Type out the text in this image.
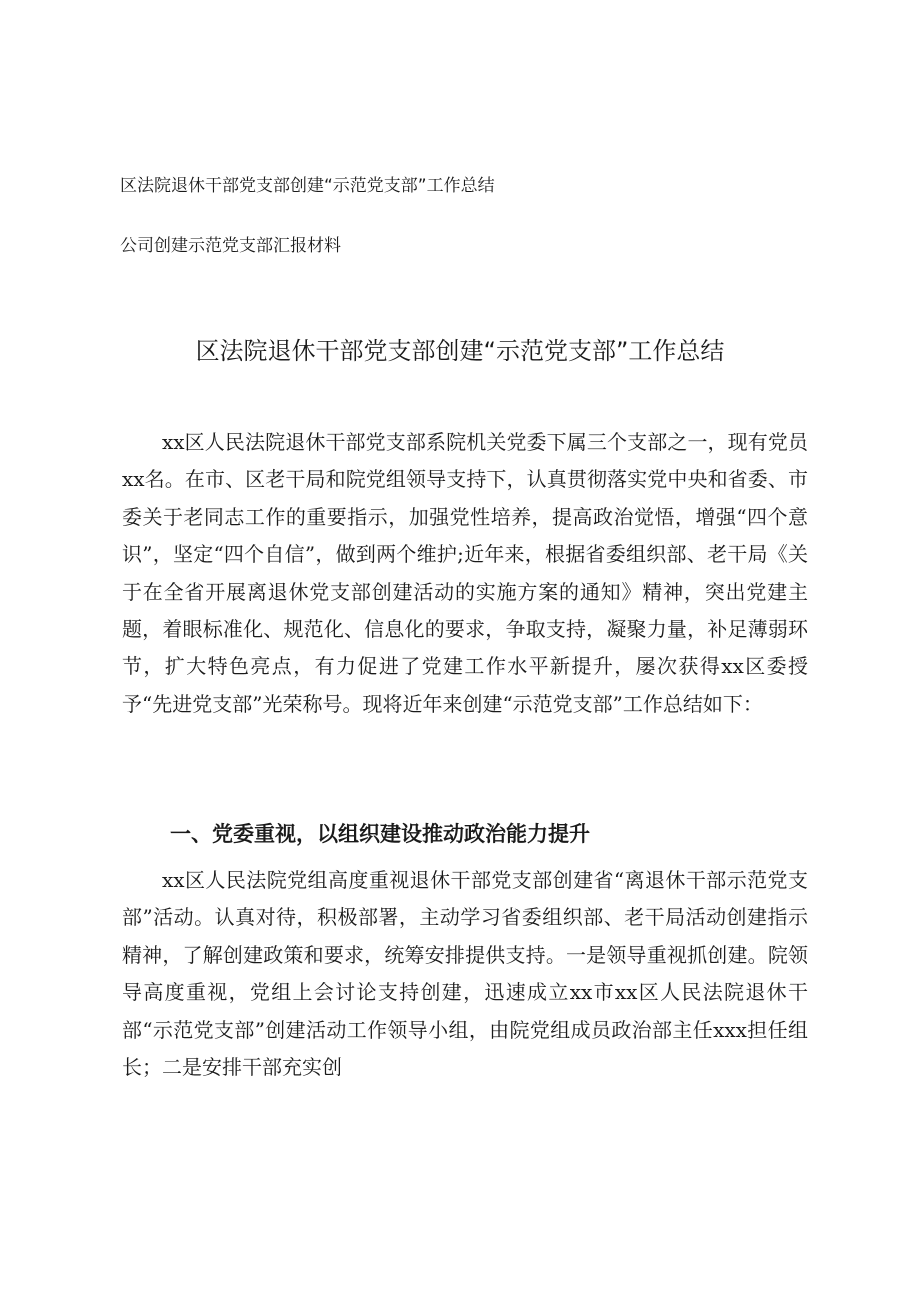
区法院退休干部党支部创建“示范党支部”工作总结
公司创建示范党支部汇报材料
区法院退休干部党支部创建“示范党支部”工作总结

xx区人民法院退休干部党支部系院机关党委下属三个支部之一，现有党员xx名。在市、区老干局和院党组领导支持下，认真贯彻落实党中央和省委、市委关于老同志工作的重要指示，加强党性培养，提高政治觉悟，增强“四个意识”，坚定“四个自信”，做到两个维护;近年来，根据省委组织部、老干局《关于在全省开展离退休党支部创建活动的实施方案的通知》精神，突出党建主题，着眼标准化、规范化、信息化的要求，争取支持，凝聚力量，补足薄弱环节，扩大特色亮点，有力促进了党建工作水平新提升，屡次获得xx区委授予“先进党支部”光荣称号。现将近年来创建“示范党支部”工作总结如下：

一、党委重视，以组织建设推动政治能力提升

xx区人民法院党组高度重视退休干部党支部创建省“离退休干部示范党支部”活动。认真对待，积极部署，主动学习省委组织部、老干局活动创建指示精神，了解创建政策和要求，统筹安排提供支持。一是领导重视抓创建。院领导高度重视，党组上会讨论支持创建，迅速成立xx市xx区人民法院退休干部“示范党支部”创建活动工作领导小组，由院党组成员政治部主任xxx担任组长；二是安排干部充实创
